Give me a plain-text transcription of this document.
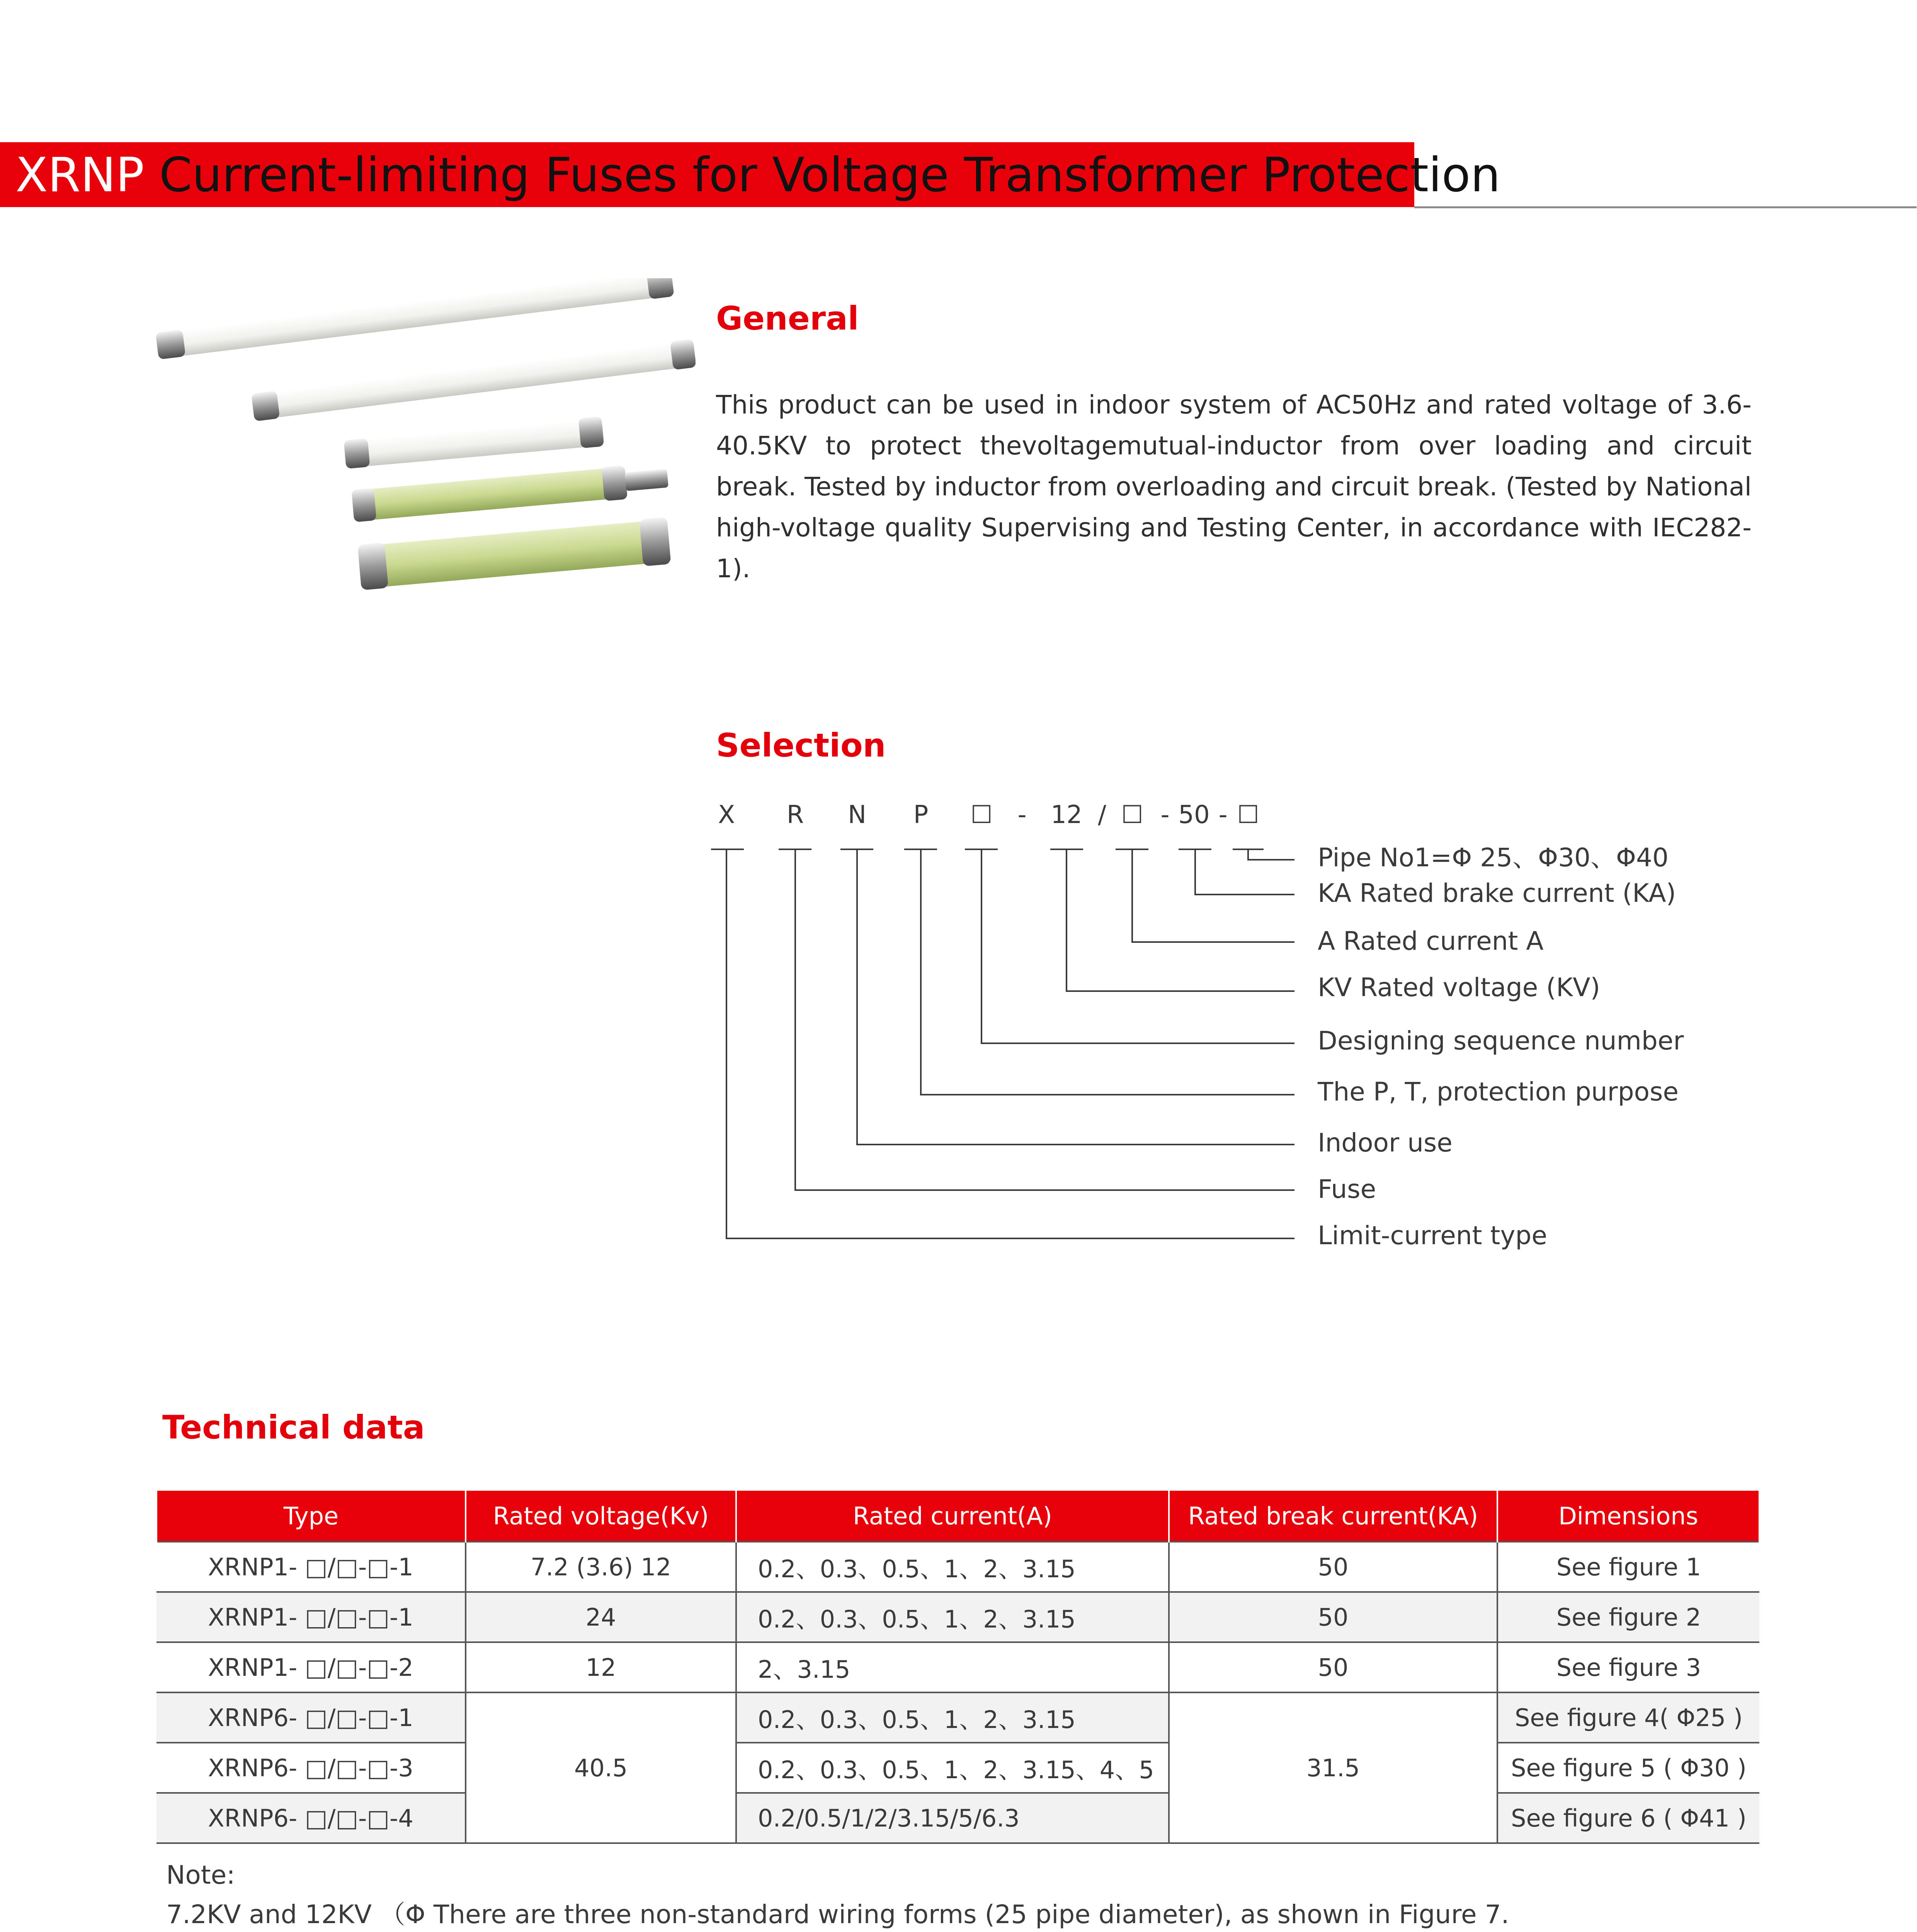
XRNP Current-limiting Fuses for Voltage Transformer Protection
General
This product can be used in indoor system of AC50Hz and rated voltage of 3.6-40.5KV to protect thevoltagemutual-inductor from over loading and circuit break. Tested by inductor from overloading and circuit break. (Tested by National high-voltage quality Supervising and Testing Center, in accordance with IEC282-1).
Selection
X R N P ☐ - 12 / ☐ - 50 - ☐
Pipe No1=Φ 25、Φ30、Φ40
KA Rated brake current (KA)
A Rated current A
KV Rated voltage (KV)
Designing sequence number
The P, T, protection purpose
Indoor use
Fuse
Limit-current type
Technical data
Type	Rated voltage(Kv)	Rated current(A)	Rated break current(KA)	Dimensions
XRNP1- □/□-□-1	7.2 (3.6) 12	0.2、0.3、0.5、1、2、3.15	50	See figure 1
XRNP1- □/□-□-1	24	0.2、0.3、0.5、1、2、3.15	50	See figure 2
XRNP1- □/□-□-2	12	2、3.15	50	See figure 3
XRNP6- □/□-□-1	40.5	0.2、0.3、0.5、1、2、3.15	31.5	See figure 4( Φ25 )
XRNP6- □/□-□-3		0.2、0.3、0.5、1、2、3.15、4、5		See figure 5 ( Φ30 )
XRNP6- □/□-□-4		0.2/0.5/1/2/3.15/5/6.3		See figure 6 ( Φ41 )
Note:
7.2KV and 12KV （Φ There are three non-standard wiring forms (25 pipe diameter), as shown in Figure 7.
